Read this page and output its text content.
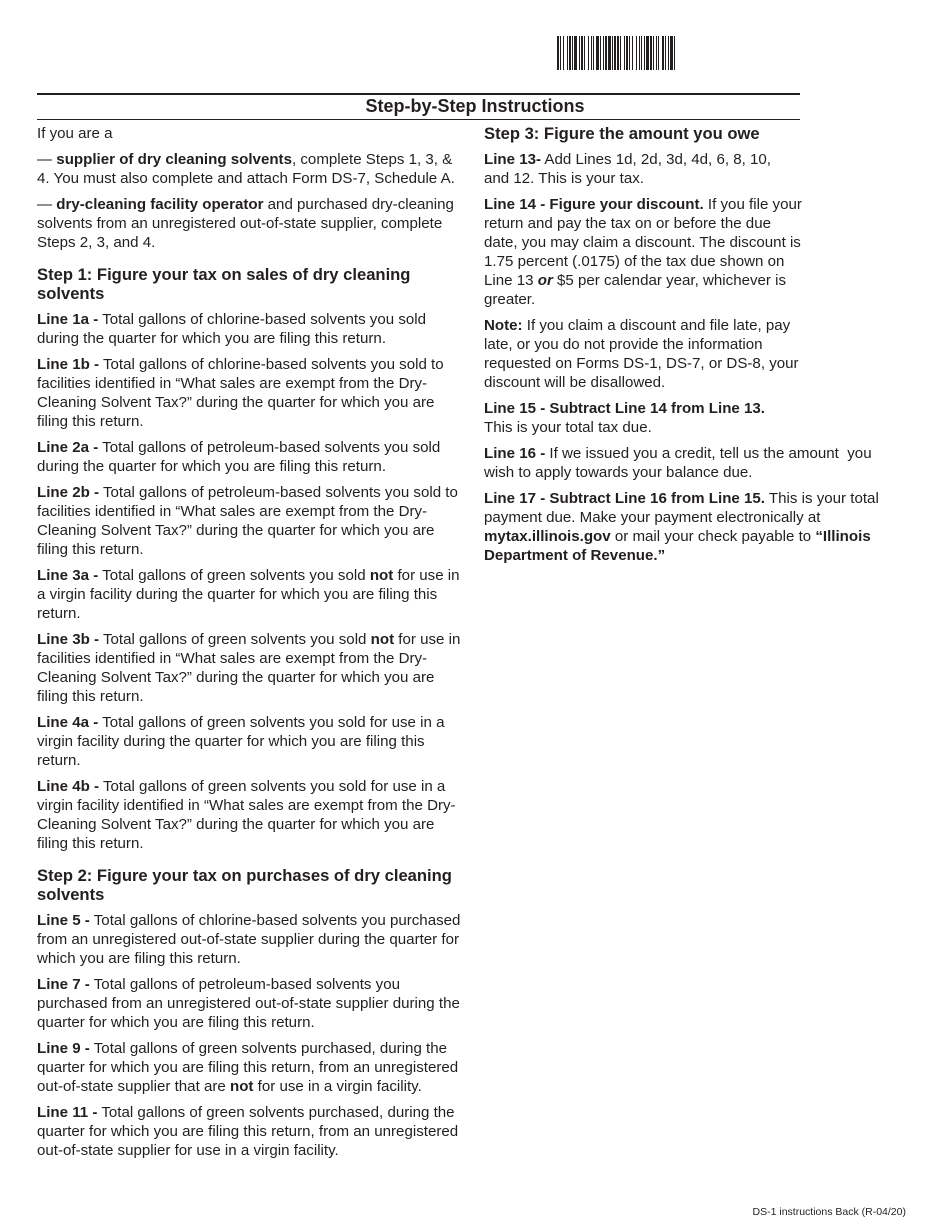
Step-by-Step Instructions

If you are a

— supplier of dry cleaning solvents, complete Steps 1, 3, & 4. You must also complete and attach Form DS-7, Schedule A.

— dry-cleaning facility operator and purchased dry-cleaning solvents from an unregistered out-of-state supplier, complete Steps 2, 3, and 4.

Step 1: Figure your tax on sales of dry cleaning solvents

Line 1a - Total gallons of chlorine-based solvents you sold during the quarter for which you are filing this return.

Line 1b - Total gallons of chlorine-based solvents you sold to facilities identified in “What sales are exempt from the Dry-Cleaning Solvent Tax?” during the quarter for which you are filing this return.

Line 2a - Total gallons of petroleum-based solvents you sold during the quarter for which you are filing this return.

Line 2b - Total gallons of petroleum-based solvents you sold to facilities identified in “What sales are exempt from the Dry-Cleaning Solvent Tax?” during the quarter for which you are filing this return.

Line 3a - Total gallons of green solvents you sold not for use in a virgin facility during the quarter for which you are filing this return.

Line 3b - Total gallons of green solvents you sold not for use in facilities identified in “What sales are exempt from the Dry-Cleaning Solvent Tax?” during the quarter for which you are filing this return.

Line 4a - Total gallons of green solvents you sold for use in a virgin facility during the quarter for which you are filing this return.

Line 4b - Total gallons of green solvents you sold for use in a virgin facility identified in “What sales are exempt from the Dry-Cleaning Solvent Tax?” during the quarter for which you are filing this return.

Step 2: Figure your tax on purchases of dry cleaning solvents

Line 5 - Total gallons of chlorine-based solvents you purchased from an unregistered out-of-state supplier during the quarter for which you are filing this return.

Line 7 - Total gallons of petroleum-based solvents you purchased from an unregistered out-of-state supplier during the quarter for which you are filing this return.

Line 9 - Total gallons of green solvents purchased, during the quarter for which you are filing this return, from an unregistered out-of-state supplier that are not for use in a virgin facility.

Line 11 - Total gallons of green solvents purchased, during the quarter for which you are filing this return, from an unregistered out-of-state supplier for use in a virgin facility.

Step 3: Figure the amount you owe

Line 13- Add Lines 1d, 2d, 3d, 4d, 6, 8, 10, and 12. This is your tax.

Line 14 - Figure your discount. If you file your return and pay the tax on or before the due date, you may claim a discount. The discount is 1.75 percent (.0175) of the tax due shown on Line 13 or $5 per calendar year, whichever is greater.

Note: If you claim a discount and file late, pay late, or you do not provide the information requested on Forms DS-1, DS-7, or DS-8, your discount will be disallowed.

Line 15 - Subtract Line 14 from Line 13.
This is your total tax due.

Line 16 - If we issued you a credit, tell us the amount  you wish to apply towards your balance due.

Line 17 - Subtract Line 16 from Line 15. This is your total payment due. Make your payment electronically at mytax.illinois.gov or mail your check payable to “Illinois Department of Revenue.”

DS-1 instructions Back (R-04/20)
